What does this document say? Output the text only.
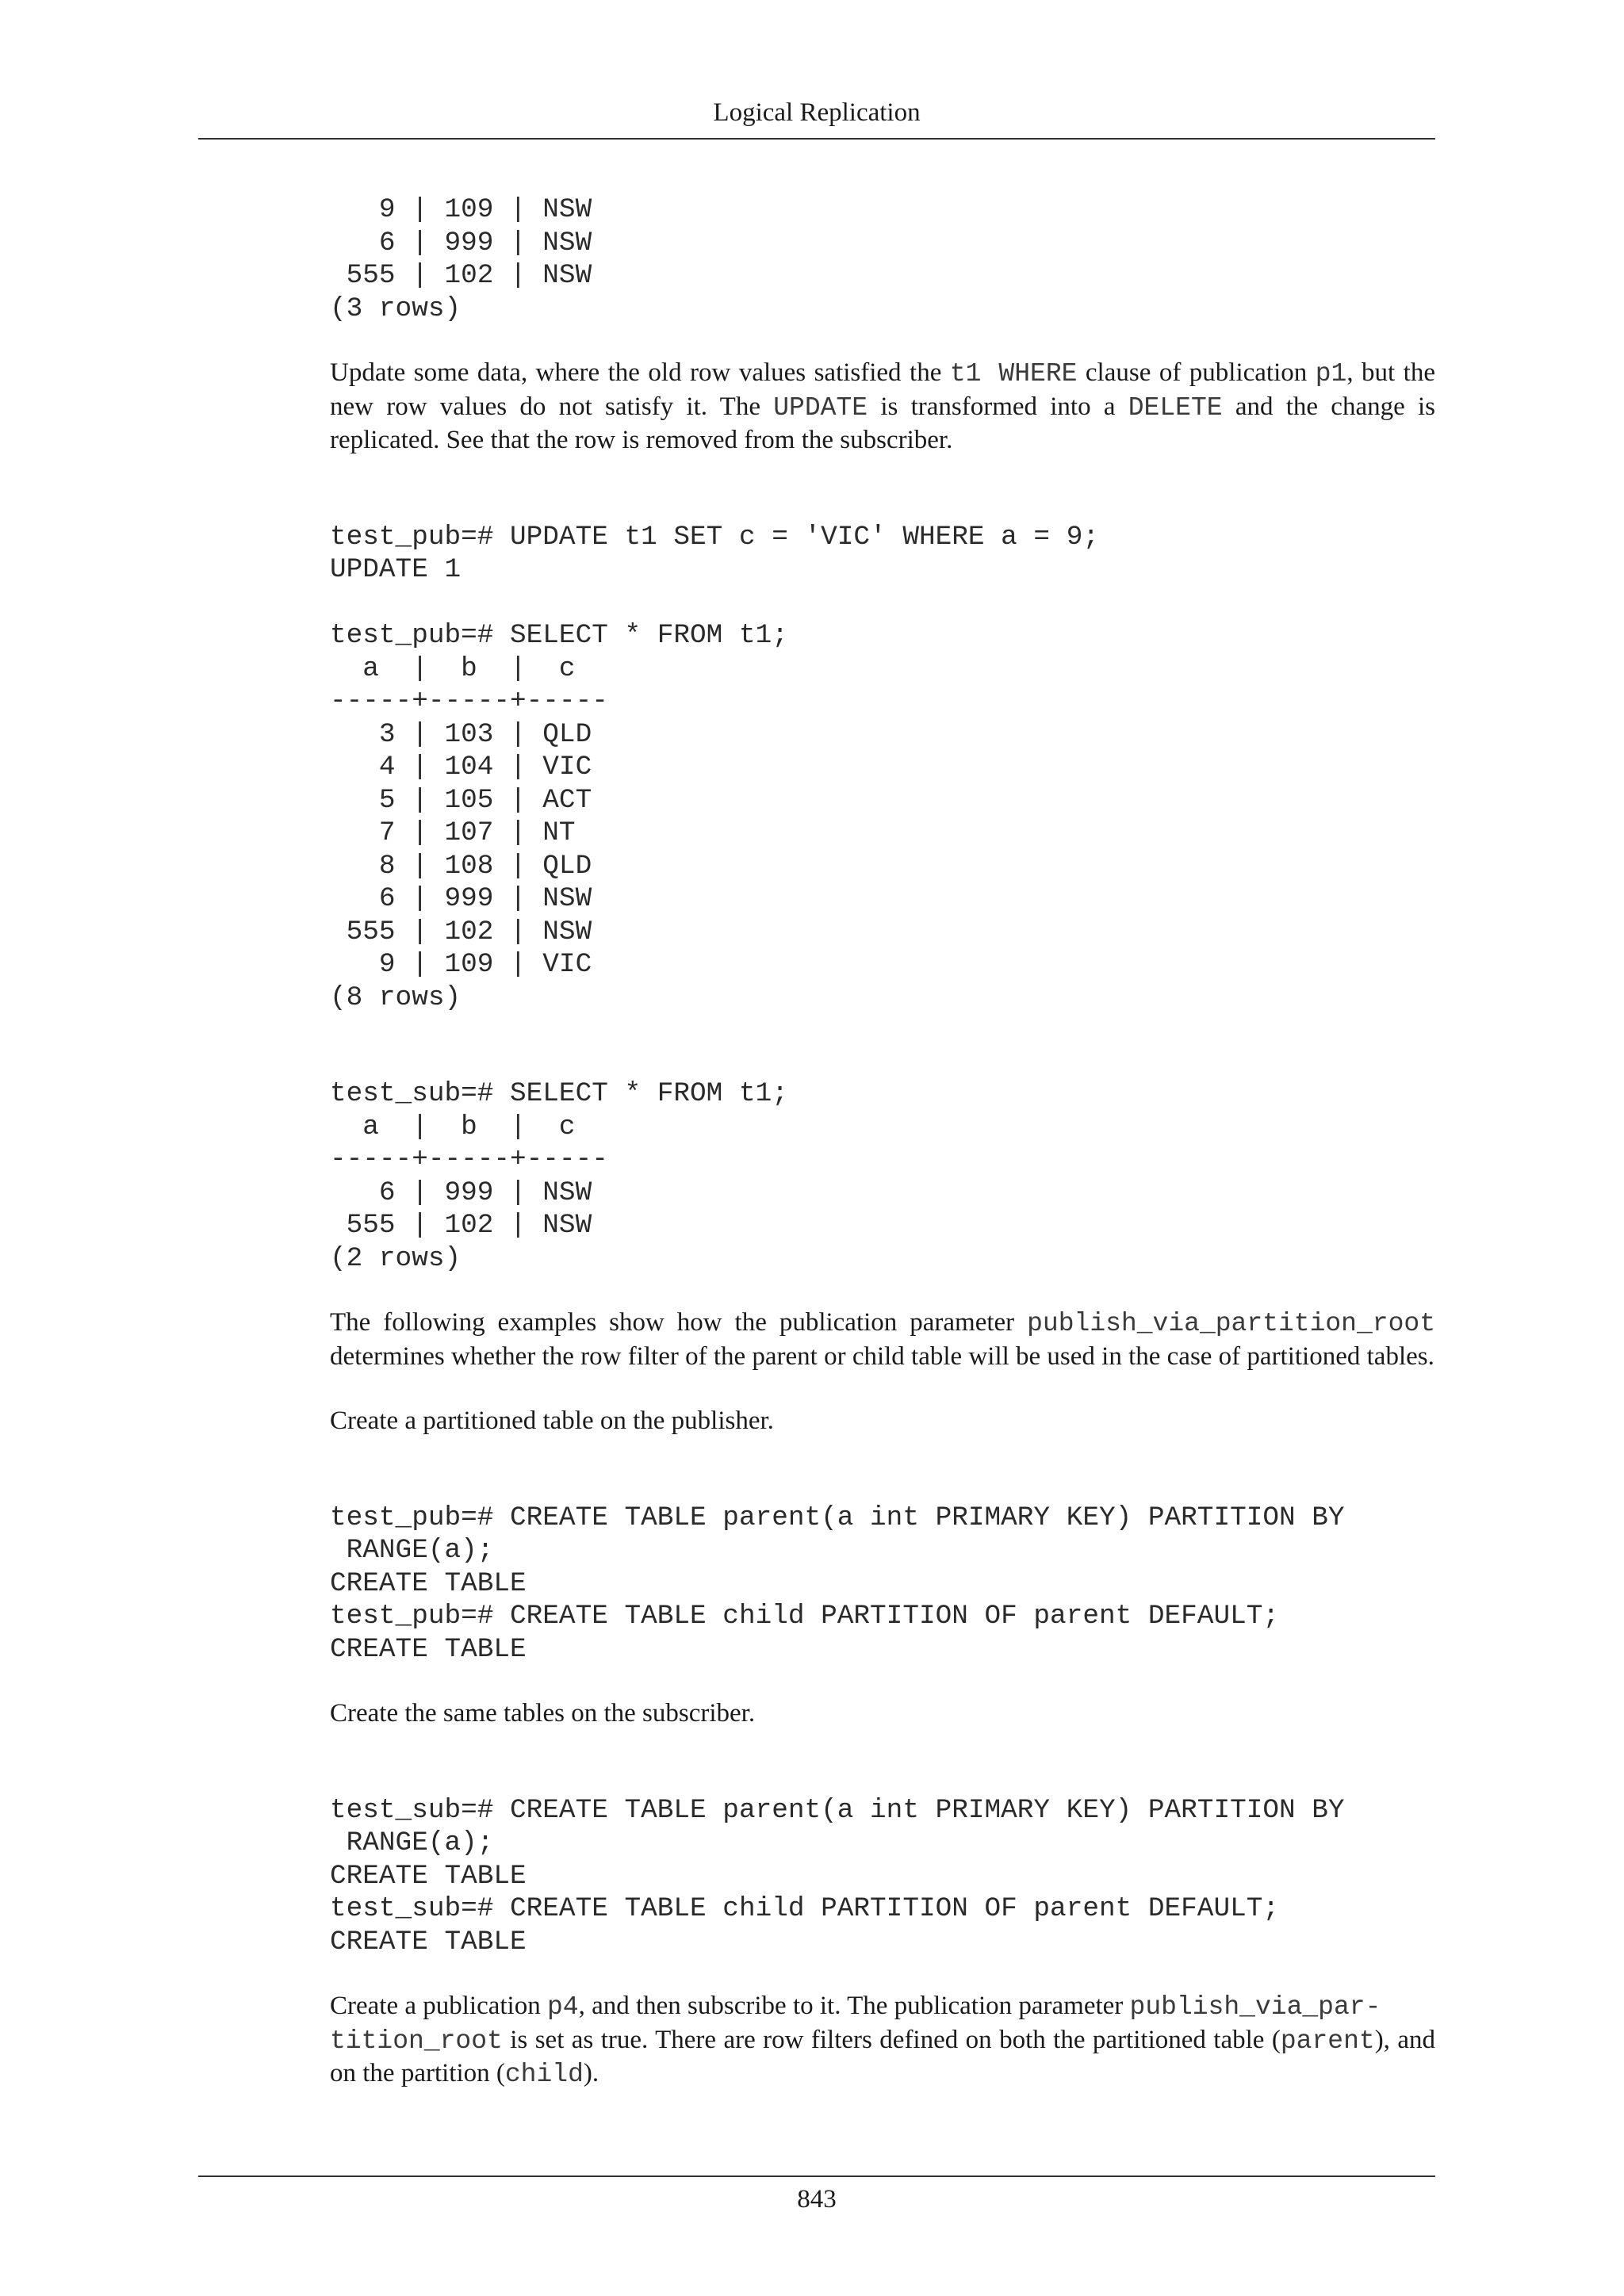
Logical Replication
9 | 109 | NSW
6 | 999 | NSW
555 | 102 | NSW
(3 rows)

Update some data, where the old row values satisfied the t1 WHERE clause of publication p1, but the new row values do not satisfy it. The UPDATE is transformed into a DELETE and the change is replicated. See that the row is removed from the subscriber.

test_pub=# UPDATE t1 SET c = 'VIC' WHERE a = 9;
UPDATE 1

test_pub=# SELECT * FROM t1;
a  |  b  |  c
-----+-----+-----
3 | 103 | QLD
4 | 104 | VIC
5 | 105 | ACT
7 | 107 | NT
8 | 108 | QLD
6 | 999 | NSW
555 | 102 | NSW
9 | 109 | VIC
(8 rows)
test_sub=# SELECT * FROM t1;
a  |  b  |  c
-----+-----+-----
6 | 999 | NSW
555 | 102 | NSW
(2 rows)

The following examples show how the publication parameter publish_via_partition_root determines whether the row filter of the parent or child table will be used in the case of partitioned tables.

Create a partitioned table on the publisher.

test_pub=# CREATE TABLE parent(a int PRIMARY KEY) PARTITION BY
RANGE(a);
CREATE TABLE
test_pub=# CREATE TABLE child PARTITION OF parent DEFAULT;
CREATE TABLE

Create the same tables on the subscriber.

test_sub=# CREATE TABLE parent(a int PRIMARY KEY) PARTITION BY
RANGE(a);
CREATE TABLE
test_sub=# CREATE TABLE child PARTITION OF parent DEFAULT;
CREATE TABLE

Create a publication p4, and then subscribe to it. The publication parameter publish_via_par-
tition_root is set as true. There are row filters defined on both the partitioned table (parent), and on the partition (child).

843
